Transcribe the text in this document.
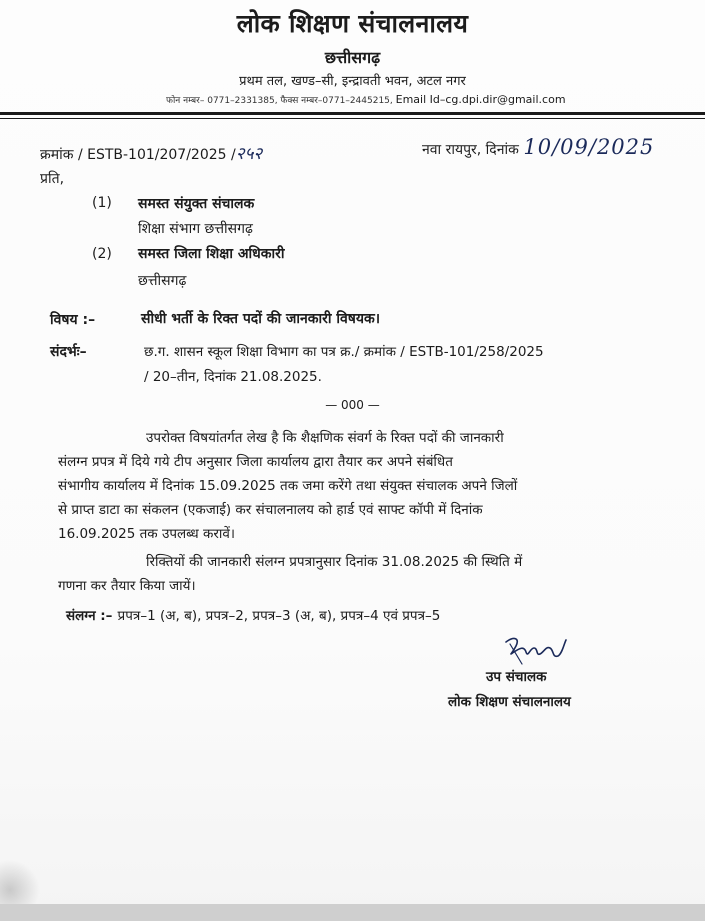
लोक शिक्षण संचालनालय
छत्तीसगढ़
प्रथम तल, खण्ड–सी, इन्द्रावती भवन, अटल नगर
फोन नम्बर– 0771–2331385, फैक्स नम्बर–0771–2445215, Email Id–cg.dpi.dir@gmail.com
क्रमांक / ESTB-101/207/2025 /२५२	नवा रायपुर, दिनांक 10/09/2025
प्रति,
(1) समस्त संयुक्त संचालक
शिक्षा संभाग छत्तीसगढ़
(2) समस्त जिला शिक्षा अधिकारी
छत्तीसगढ़
विषय :–	सीधी भर्ती के रिक्त पदों की जानकारी विषयक।
संदर्भः–	छ.ग. शासन स्कूल शिक्षा विभाग का पत्र क्र./ क्रमांक / ESTB-101/258/2025
/ 20–तीन, दिनांक 21.08.2025.
— 000 —
उपरोक्त विषयांतर्गत लेख है कि शैक्षणिक संवर्ग के रिक्त पदों की जानकारी
संलग्न प्रपत्र में दिये गये टीप अनुसार जिला कार्यालय द्वारा तैयार कर अपने संबंधित
संभागीय कार्यालय में दिनांक 15.09.2025 तक जमा करेंगे तथा संयुक्त संचालक अपने जिलों
से प्राप्त डाटा का संकलन (एकजाई) कर संचालनालय को हार्ड एवं साफ्ट कॉपी में दिनांक
16.09.2025 तक उपलब्ध करावें।
रिक्तियों की जानकारी संलग्न प्रपत्रानुसार दिनांक 31.08.2025 की स्थिति में
गणना कर तैयार किया जायें।
संलग्न :– प्रपत्र–1 (अ, ब), प्रपत्र–2, प्रपत्र–3 (अ, ब), प्रपत्र–4 एवं प्रपत्र–5
उप संचालक
लोक शिक्षण संचालनालय
